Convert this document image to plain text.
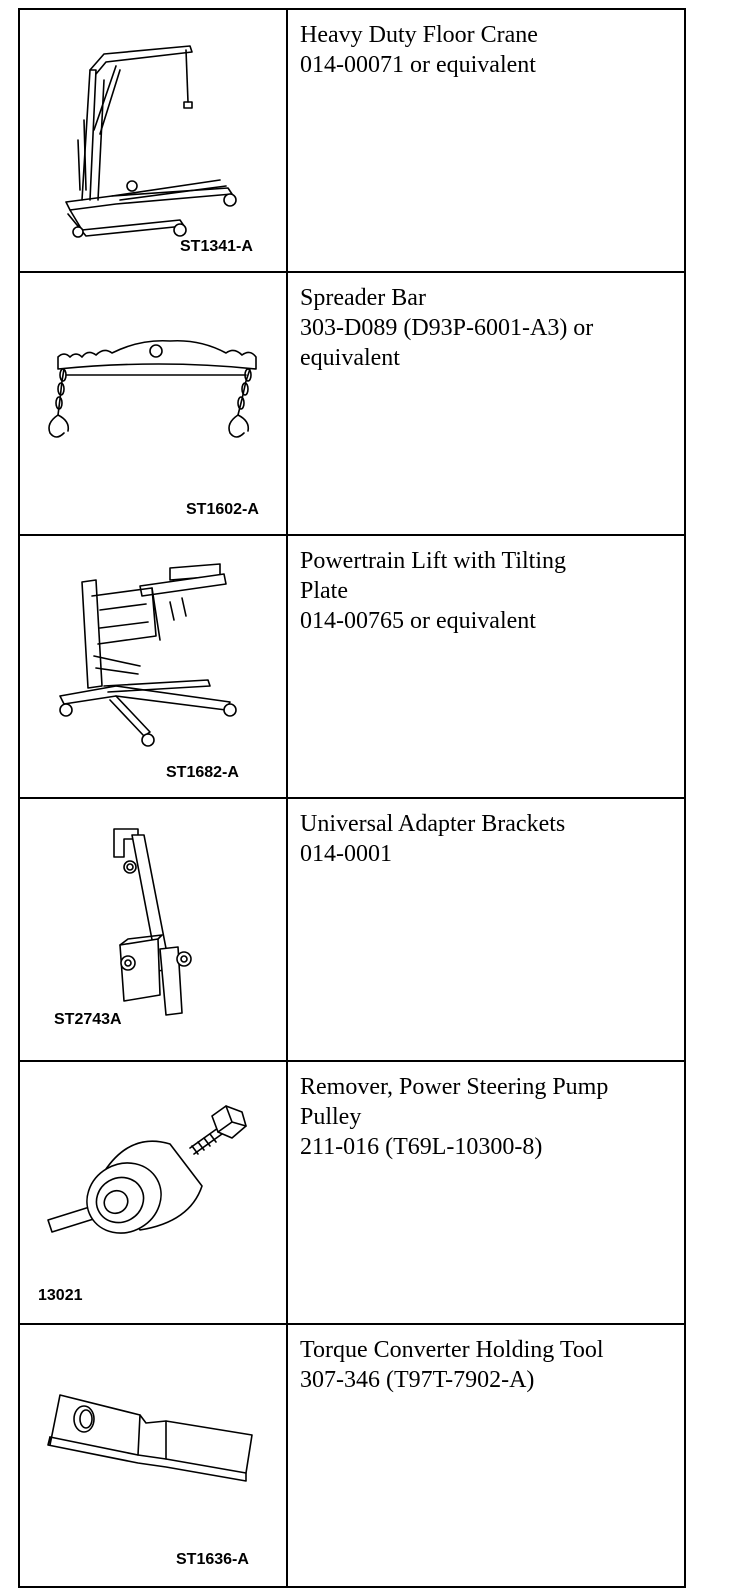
ST1341-A	Heavy Duty Floor Crane
014-00071 or equivalent

ST1602-A	Spreader Bar
303-D089 (D93P-6001-A3) or
equivalent

ST1682-A	Powertrain Lift with Tilting
Plate
014-00765 or equivalent

ST2743A	Universal Adapter Brackets
014-0001

13021	Remover, Power Steering Pump
Pulley
211-016 (T69L-10300-8)

ST1636-A	Torque Converter Holding Tool
307-346 (T97T-7902-A)
